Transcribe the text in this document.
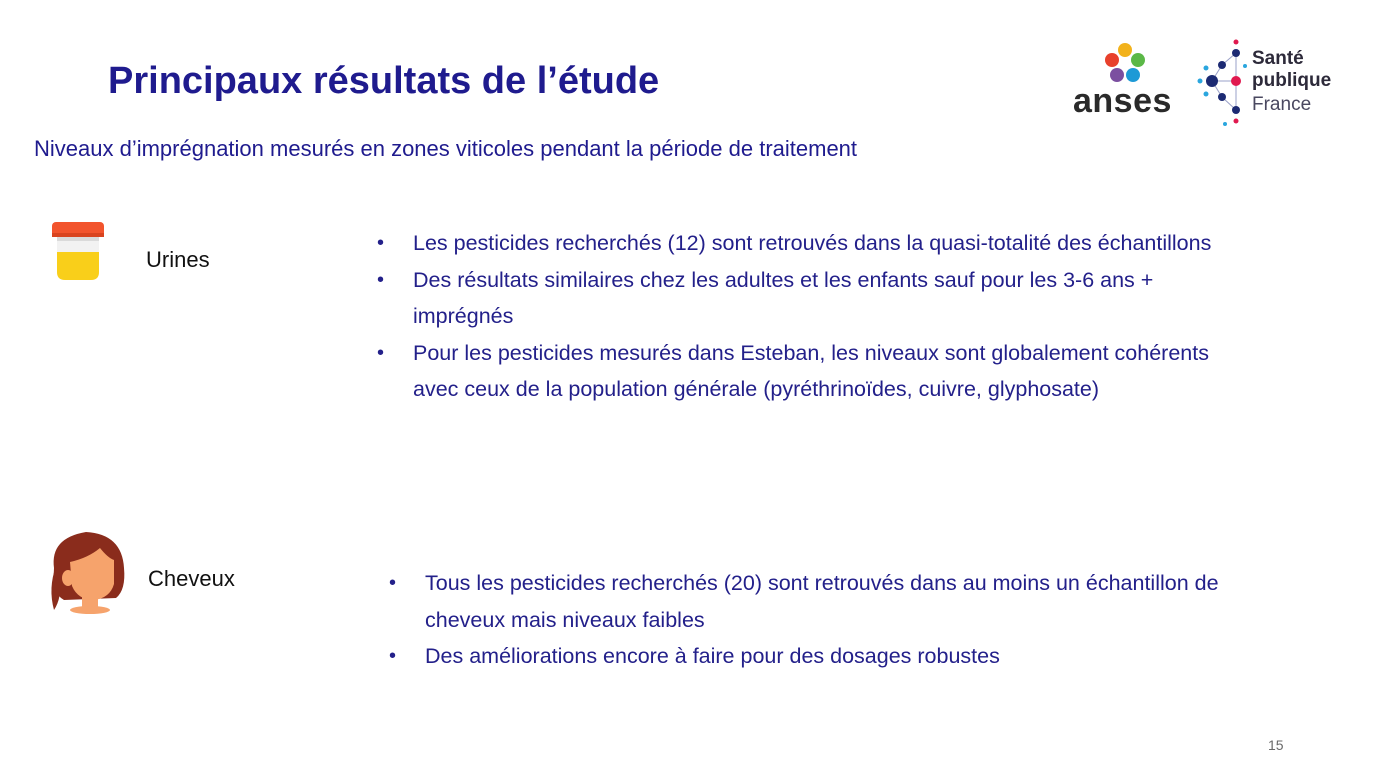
Principaux résultats de l’étude
Niveaux d’imprégnation mesurés en zones viticoles pendant la période de traitement
anses
Santé
publique
France
Urines
• Les pesticides recherchés (12) sont retrouvés dans la quasi-totalité des échantillons
• Des résultats similaires chez les adultes et les enfants sauf pour les 3-6 ans + imprégnés
• Pour les pesticides mesurés dans Esteban, les niveaux sont globalement cohérents avec ceux de la population générale (pyréthrinoïdes, cuivre, glyphosate)
Cheveux
•	Tous les pesticides recherchés (20) sont retrouvés dans au moins un échantillon de cheveux mais niveaux faibles
• Des améliorations encore à faire pour des dosages robustes
15
